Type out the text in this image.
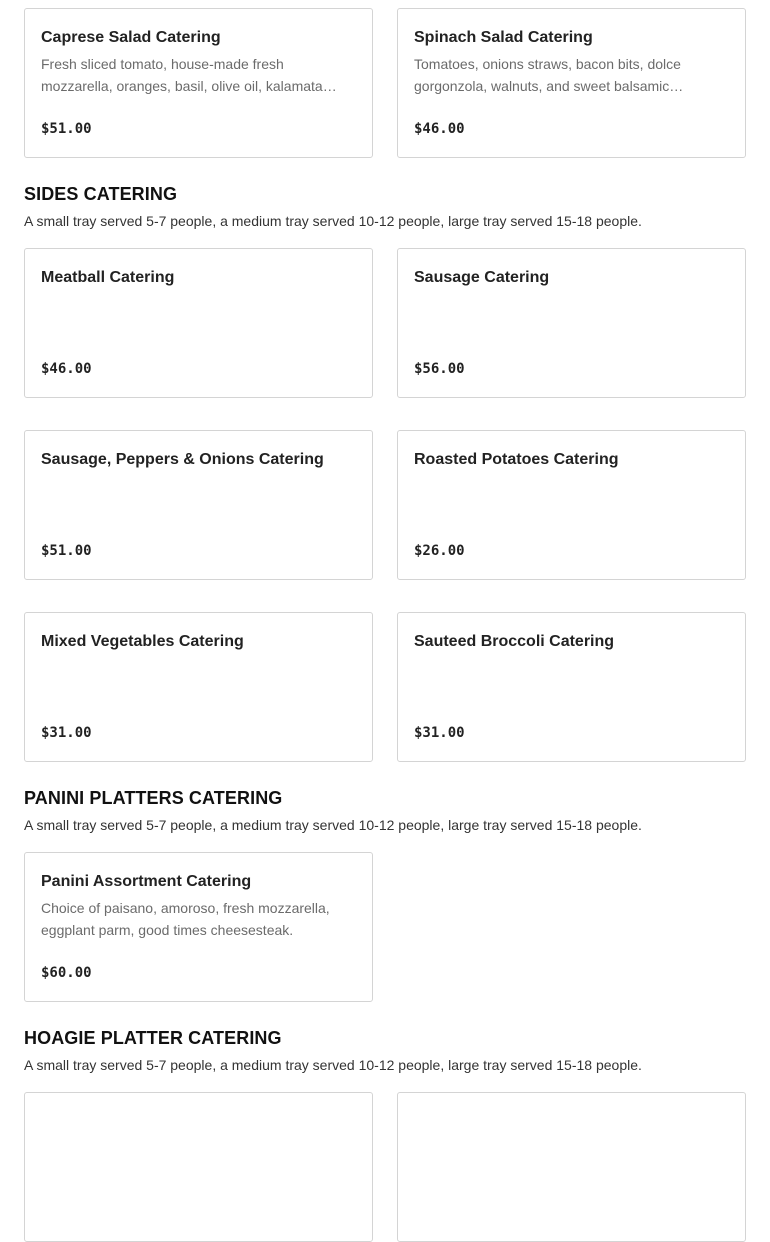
Caprese Salad Catering
Fresh sliced tomato, house-made fresh mozzarella, oranges, basil, olive oil, kalamata…
$51.00
Spinach Salad Catering
Tomatoes, onions straws, bacon bits, dolce gorgonzola, walnuts, and sweet balsamic…
$46.00
SIDES CATERING

A small tray served 5-7 people, a medium tray served 10-12 people, large tray served 15-18 people.

Meatball Catering
$46.00
Sausage Catering
$56.00
Sausage, Peppers & Onions Catering
$51.00
Roasted Potatoes Catering
$26.00
Mixed Vegetables Catering
$31.00
Sauteed Broccoli Catering
$31.00
PANINI PLATTERS CATERING

A small tray served 5-7 people, a medium tray served 10-12 people, large tray served 15-18 people.

Panini Assortment Catering
Choice of paisano, amoroso, fresh mozzarella, eggplant parm, good times cheesesteak.
$60.00
HOAGIE PLATTER CATERING

A small tray served 5-7 people, a medium tray served 10-12 people, large tray served 15-18 people.
